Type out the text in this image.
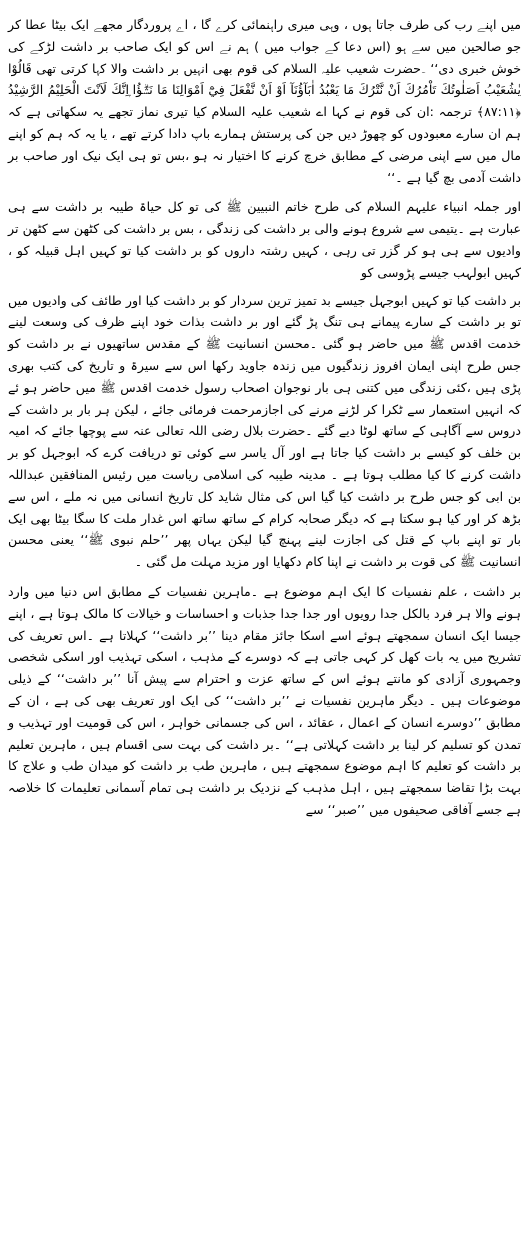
میں اپنے رب کی طرف جاتا ہوں ، وہی میری راہنمائی کرے گا ، اے پروردگار مجھے ایک بیٹا عطا کر جو صالحین میں سے ہو (اس دعا کے جواب میں ) ہم نے اس کو ایک صاحب بر داشت لڑکے کی خوش خبری دی‘‘ ۔حضرت شعیب علیہ السلام کی قوم بھی انہیں بر داشت والا کہا کرتی تھی قَالُوْا يٰشُعَيْبُ اَصَلٰوتُكَ تَاْمُرُكَ اَنْ نَّتْرُكَ مَا يَعْبُدُ اٰبَآؤُنَآ اَوْ اَنْ نَّفْعَلَ فِيْٓ اَمْوَالِنَا مَا نَشٰۗؤُا ۭاِنَّكَ لَاَنْتَ الْحَلِيْمُ الرَّشِيْدُ ﴿۸۷:۱۱﴾ ترجمہ :ان کی قوم نے کہا اے شعیب علیہ السلام کیا تیری نماز تجھے یہ سکھاتی ہے کہ ہم ان سارے معبودوں کو چھوڑ دیں جن کی پرستش ہمارے باپ دادا کرتے تھے ، یا یہ کہ ہم کو اپنے مال میں سے اپنی مرضی کے مطابق خرچ کرنے کا اختیار نہ ہو ،بس تو ہی ایک نیک اور صاحب بر داشت آدمی بچ گیا ہے ۔‘‘

اور جملہ انبیاء علیہم السلام کی طرح خاتم النبیین ﷺ کی تو کل حیاۃ طیبہ بر داشت سے ہی عبارت ہے ۔یتیمی سے شروع ہونے والی بر داشت کی زندگی ، بس بر داشت کی کٹھن سے کٹھن تر وادیوں سے ہی ہو کر گزر تی رہی ، کہیں رشتہ داروں کو بر داشت کیا تو کہیں اہل قبیلہ کو ، کہیں ابولہب جیسے پڑوسی کو

بر داشت کیا تو کہیں ابوجہل جیسے بد تمیز ترین سردار کو بر داشت کیا اور طائف کی وادیوں میں تو بر داشت کے سارے پیمانے ہی تنگ پڑ گئے اور بر داشت بذات خود اپنے ظرف کی وسعت لینے خدمت اقدس ﷺ میں حاضر ہو گئی ۔محسن انسانیت ﷺ کے مقدس ساتھیوں نے بر داشت کو جس طرح اپنی ایمان افروز زندگیوں میں زندہ جاوید رکھا اس سے سیرۃ و تاریخ کی کتب بھری پڑی ہیں ،کئی زندگی میں کتنی ہی بار نوجوان اصحاب رسول خدمت اقدس ﷺ میں حاضر ہو ئے کہ انہیں استعمار سے ٹکرا کر لڑنے مرنے کی اجازمرحمت فرمائی جائے ، لیکن ہر بار بر داشت کے دروس سے آگاہی کے ساتھ لوٹا دیے گئے ۔حضرت بلال رضی اللہ تعالی عنہ سے پوچھا جائے کہ امیہ بن خلف کو کیسے بر داشت کیا جاتا ہے اور آل یاسر سے کوئی تو دریافت کرے کہ ابوجہل کو بر داشت کرنے کا کیا مطلب ہوتا ہے ۔ مدینہ طیبہ کی اسلامی ریاست میں رئیس المنافقین عبداللہ بن ابی کو جس طرح بر داشت کیا گیا اس کی مثال شاید کل تاریخ انسانی میں نہ ملے ، اس سے بڑھ کر اور کیا ہو سکتا ہے کہ دیگر صحابہ کرام کے ساتھ ساتھ اس غدار ملت کا سگا بیٹا بھی ایک بار تو اپنے باپ کے قتل کی اجازت لینے پہنچ گیا لیکن یہاں پھر ’’حلم نبوی ﷺ‘‘ یعنی محسن انسانیت ﷺ کی قوت بر داشت نے اپنا کام دکھایا اور مزید مہلت مل گئی ۔

بر داشت ، علم نفسیات کا ایک اہم موضوع ہے ۔ماہرین نفسیات کے مطابق اس دنیا میں وارد ہونے والا ہر فرد بالکل جدا رویوں اور جدا جدا جذبات و احساسات و خیالات کا مالک ہوتا ہے ، اپنے جیسا ایک انسان سمجھتے ہوئے اسے اسکا جائز مقام دینا ’’بر داشت‘‘ کہلاتا ہے ۔اس تعریف کی تشریح میں یہ بات کھل کر کہی جاتی ہے کہ دوسرے کے مذہب ، اسکی تہذیب اور اسکی شخصی وجمہوری آزادی کو مانتے ہوئے اس کے ساتھ عزت و احترام سے پیش آنا ’’بر داشت‘‘ کے ذیلی موضوعات ہیں ۔ دیگر ماہرین نفسیات نے ’’بر داشت‘‘ کی ایک اور تعریف بھی کی ہے ، ان کے مطابق ’’دوسرے انسان کے اعمال ، عقائد ، اس کی جسمانی خواہر ، اس کی قومیت اور تہذیب و تمدن کو تسلیم کر لینا بر داشت کہلاتی ہے‘‘ ۔بر داشت کی بہت سی اقسام ہیں ، ماہرین تعلیم بر داشت کو تعلیم کا اہم موضوع سمجھتے ہیں ، ماہرین طب بر داشت کو میدان طب و علاج کا بہت بڑا تقاضا سمجھتے ہیں ، اہل مذہب کے نزدیک بر داشت ہی تمام آسمانی تعلیمات کا خلاصہ ہے جسے آفاقی صحیفوں میں ’’صبر‘‘ سے
